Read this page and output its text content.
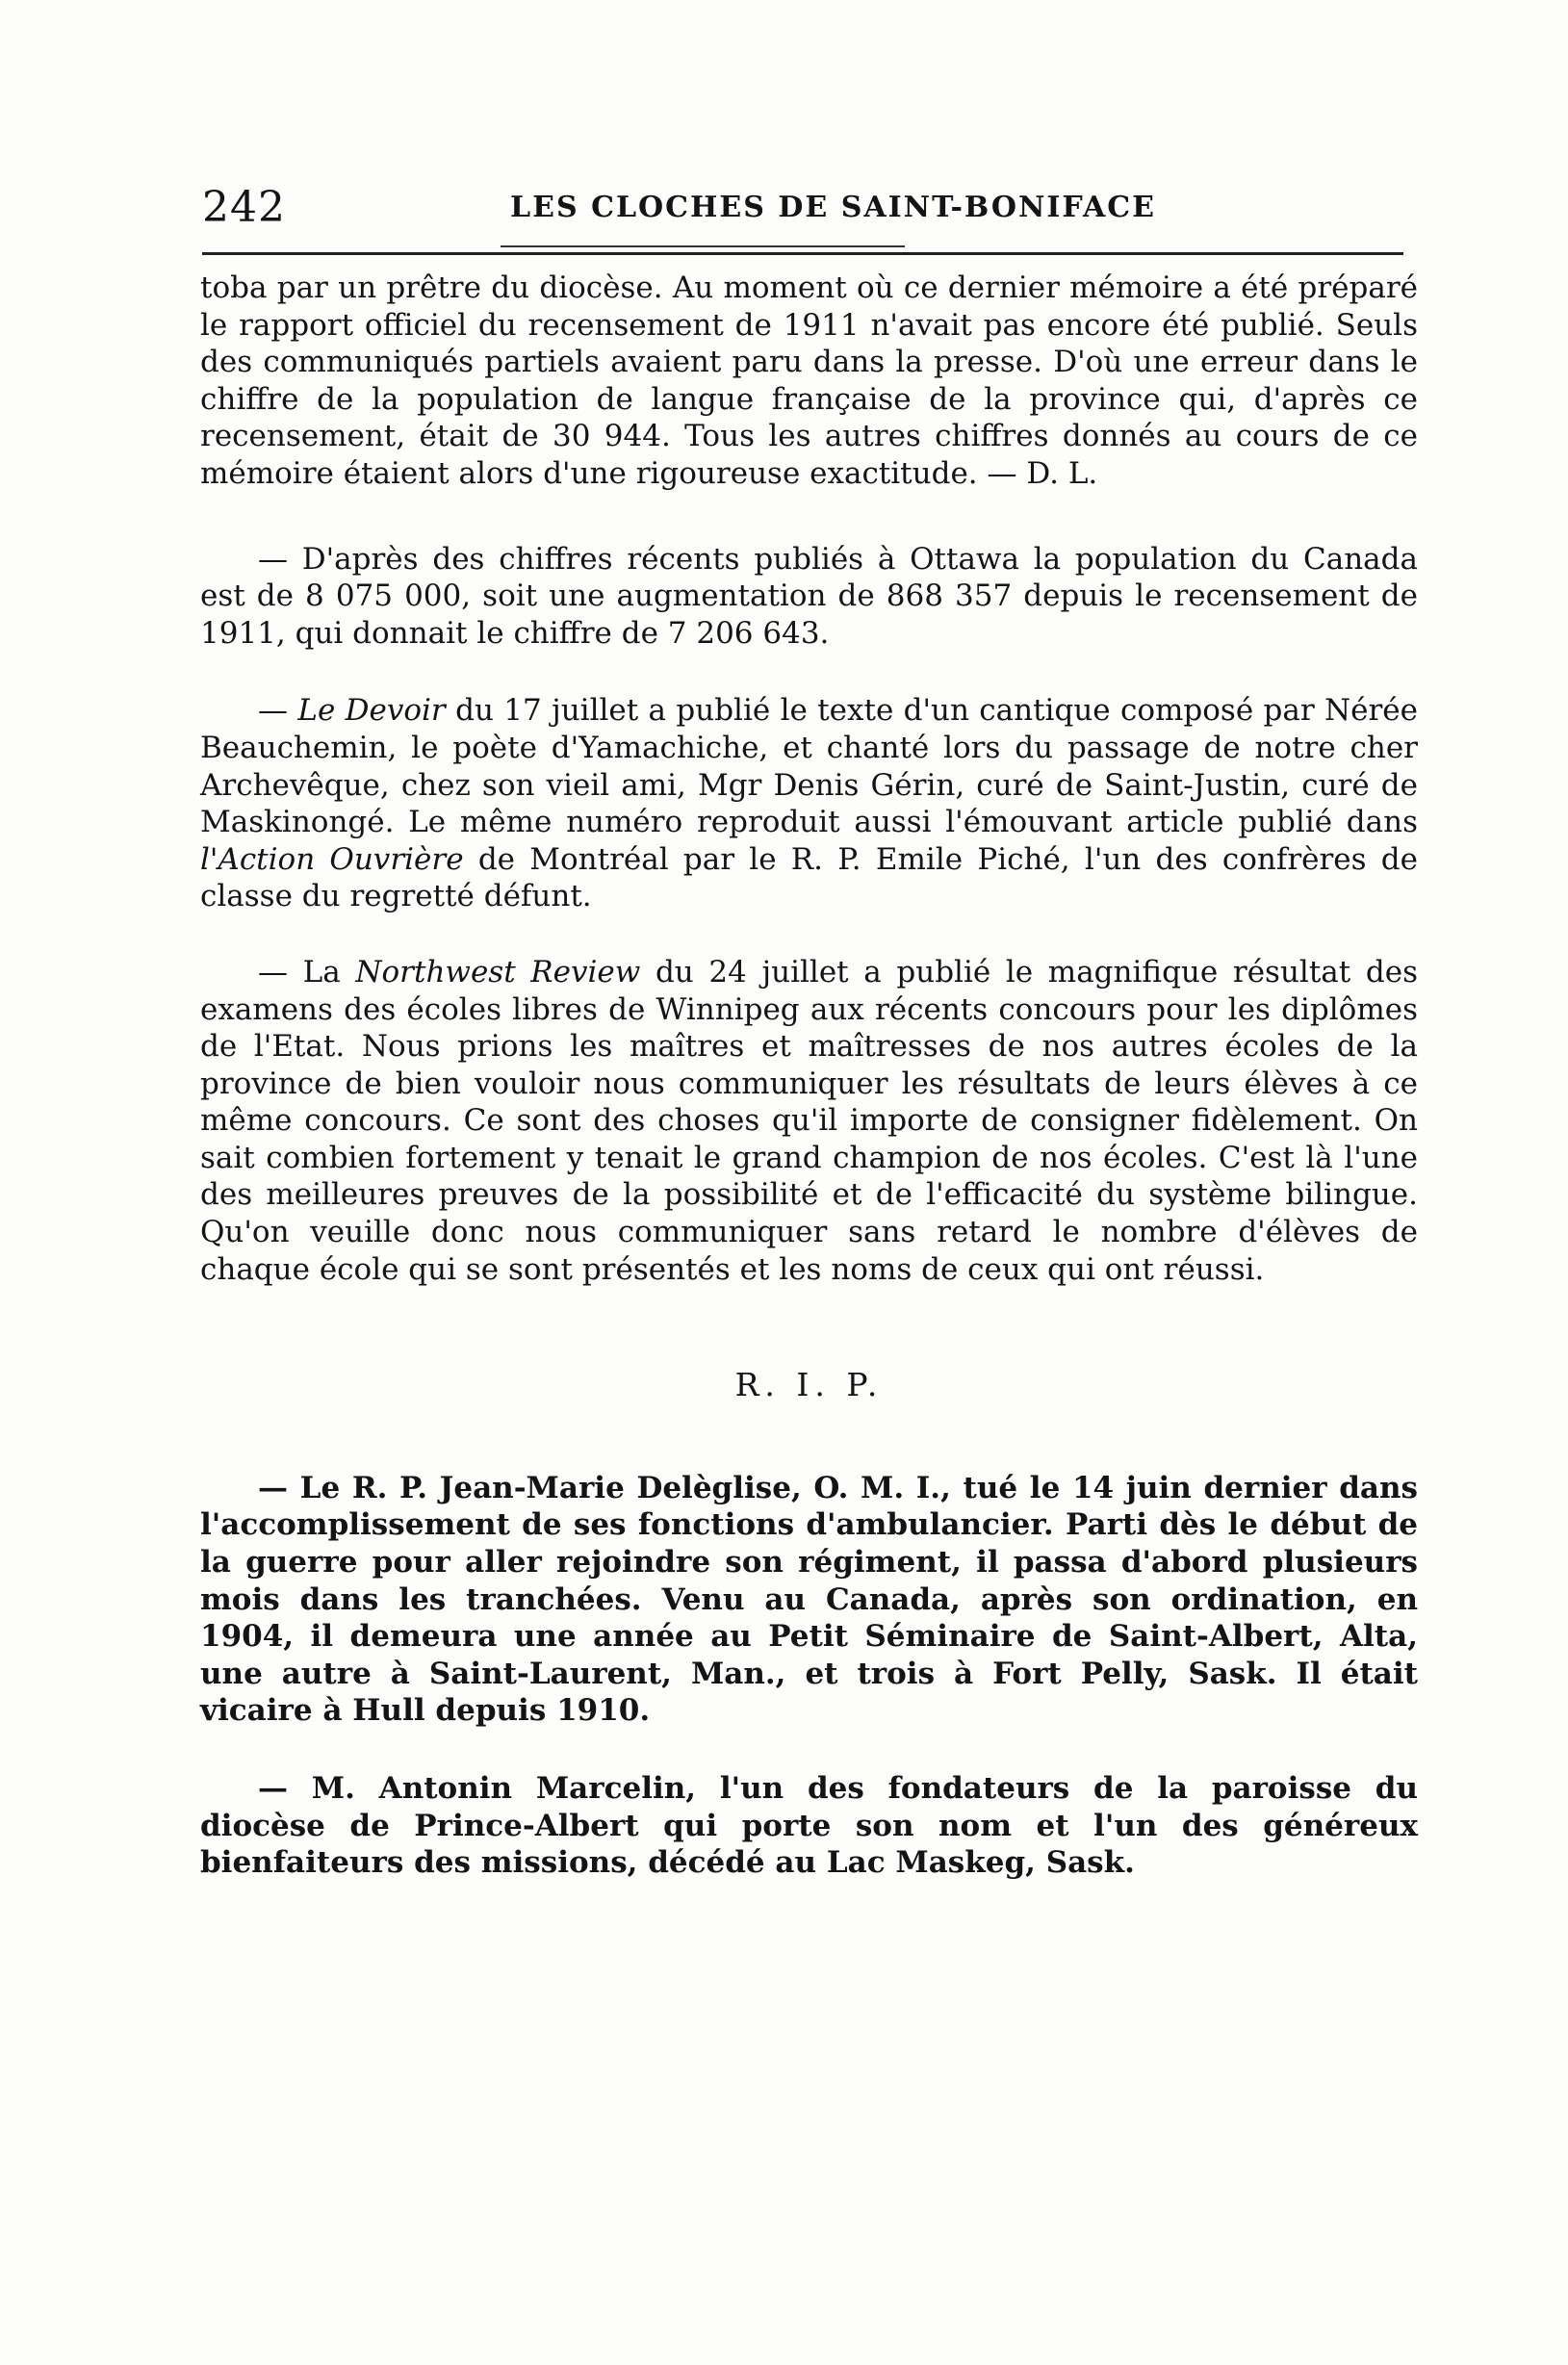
242	LES CLOCHES DE SAINT-BONIFACE

toba par un prêtre du diocèse. Au moment où ce dernier mémoire a été préparé le rapport officiel du recensement de 1911 n'avait pas encore été publié. Seuls des communiqués partiels avaient paru dans la presse. D'où une erreur dans le chiffre de la population de langue française de la province qui, d'après ce recensement, était de 30 944. Tous les autres chiffres donnés au cours de ce mémoire étaient alors d'une rigoureuse exactitude. — D. L.

— D'après des chiffres récents publiés à Ottawa la population du Canada est de 8 075 000, soit une augmentation de 868 357 depuis le recensement de 1911, qui donnait le chiffre de 7 206 643.

— Le Devoir du 17 juillet a publié le texte d'un cantique composé par Nérée Beauchemin, le poète d'Yamachiche, et chanté lors du passage de notre cher Archevêque, chez son vieil ami, Mgr Denis Gérin, curé de Saint-Justin, curé de Maskinongé. Le même numéro reproduit aussi l'émouvant article publié dans l'Action Ouvrière de Montréal par le R. P. Emile Piché, l'un des confrères de classe du regretté défunt.

— La Northwest Review du 24 juillet a publié le magnifique résultat des examens des écoles libres de Winnipeg aux récents concours pour les diplômes de l'Etat. Nous prions les maîtres et maîtresses de nos autres écoles de la province de bien vouloir nous communiquer les résultats de leurs élèves à ce même concours. Ce sont des choses qu'il importe de consigner fidèlement. On sait combien fortement y tenait le grand champion de nos écoles. C'est là l'une des meilleures preuves de la possibilité et de l'efficacité du système bilingue. Qu'on veuille donc nous communiquer sans retard le nombre d'élèves de chaque école qui se sont présentés et les noms de ceux qui ont réussi.

R. I. P.

— Le R. P. Jean-Marie Delèglise, O. M. I., tué le 14 juin dernier dans l'accomplissement de ses fonctions d'ambulancier. Parti dès le début de la guerre pour aller rejoindre son régiment, il passa d'abord plusieurs mois dans les tranchées. Venu au Canada, après son ordination, en 1904, il demeura une année au Petit Séminaire de Saint-Albert, Alta, une autre à Saint-Laurent, Man., et trois à Fort Pelly, Sask. Il était vicaire à Hull depuis 1910.

— M. Antonin Marcelin, l'un des fondateurs de la paroisse du diocèse de Prince-Albert qui porte son nom et l'un des généreux bienfaiteurs des missions, décédé au Lac Maskeg, Sask.
